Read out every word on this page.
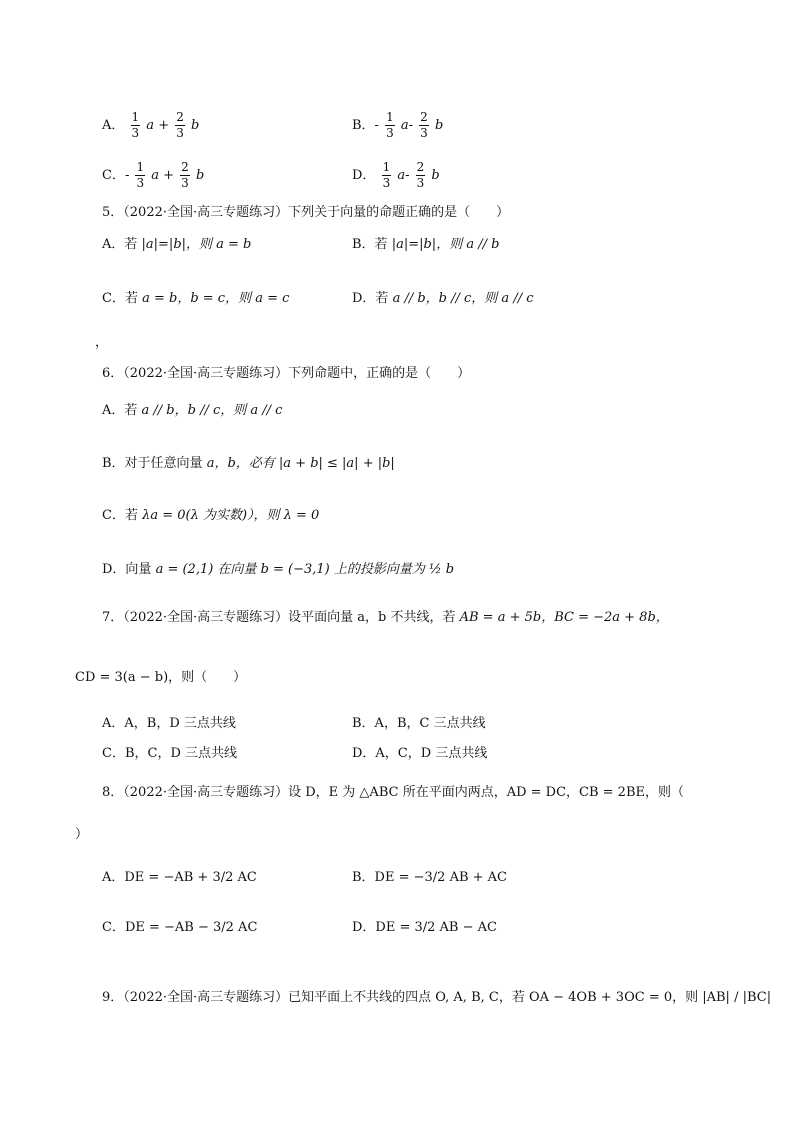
A． $\frac{1}{3}$ $a + \frac{2}{3}$ b	B．- $\frac{1}{3} a- \frac{2}{3}$ b
C．- $\frac{1}{3}$ $a + \frac{2}{3}$ b	D． $\frac{1}{3} a- \frac{2}{3}$ b
5．（2022·全国·高三专题练习）下列关于向量的命题正确的是（　　）
A．若 |a|=|b|，则 a = b	B．若 |a|=|b|，则 a // b
C．若 a = b，b = c，则 a = c	D．若 a // b，b // c，则 a // c
，
6．（2022·全国·高三专题练习）下列命题中，正确的是（　　）
A．若 a // b，b // c，则 a // c
B．对于任意向量 a，b，必有 |a + b| ≤ |a| + |b|
C．若 λa = 0(λ 为实数)），则 λ = 0
D．向量 a = (2,1) 在向量 b = (−3,1) 上的投影向量为 ½ b
7．（2022·全国·高三专题练习）设平面向量 a，b 不共线，若 AB = a + 5b，BC = −2a + 8b，
CD = 3(a − b)，则（　　）
A．A，B，D 三点共线	B．A，B，C 三点共线
C．B，C，D 三点共线	D．A，C，D 三点共线
8．（2022·全国·高三专题练习）设 D，E 为 △ABC 所在平面内两点，AD = DC，CB = 2BE，则（
）
A．DE = −AB + 3/2 AC	B．DE = −3/2 AB + AC
C．DE = −AB − 3/2 AC	D．DE = 3/2 AB − AC
9．（2022·全国·高三专题练习）已知平面上不共线的四点 O, A, B, C，若 OA − 4OB + 3OC = 0，则 |AB| / |BC|
